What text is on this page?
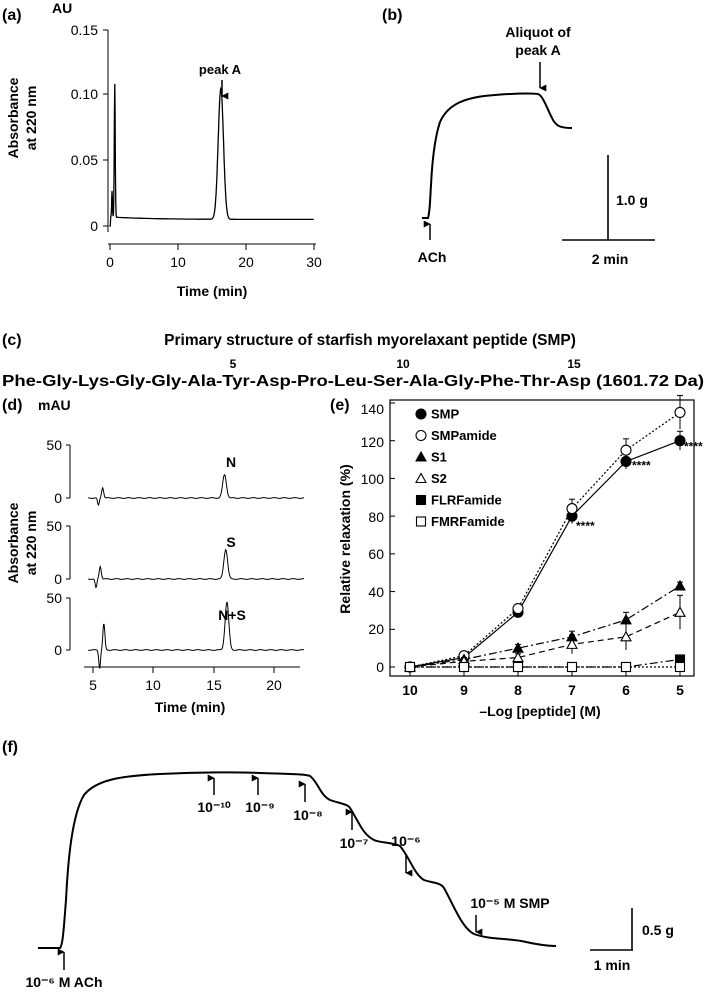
(a) AU
Absorbance at 220 nm
0
0.05
0.10
0.15
0	10	20	30
Time (min)
peak A
(b)
Aliquot of
peak A
ACh
1.0 g
2 min
(c)	Primary structure of starfish myorelaxant peptide (SMP)
5	10	15
Phe-Gly-Lys-Gly-Gly-Ala-Tyr-Asp-Pro-Leu-Ser-Ala-Gly-Phe-Thr-Asp (1601.72 Da)
(d) mAU
Absorbance at 220 nm
50
0
N
50
0
S
50
0
N+S
5	10	15	20
Time (min)
(e)
Relative relaxation (%)
0
20
40
60
80
100
120
140
10	9	8	7	6	5
–Log [peptide] (M)
SMP
SMPamide
S1
S2
FLRFamide
FMRFamide	****
****
****
(f)
10⁻¹⁰ 10⁻⁹ 10⁻⁸
10⁻⁷ 10⁻⁶
10⁻⁵ M SMP
10⁻⁶ M ACh
0.5 g
1 min
